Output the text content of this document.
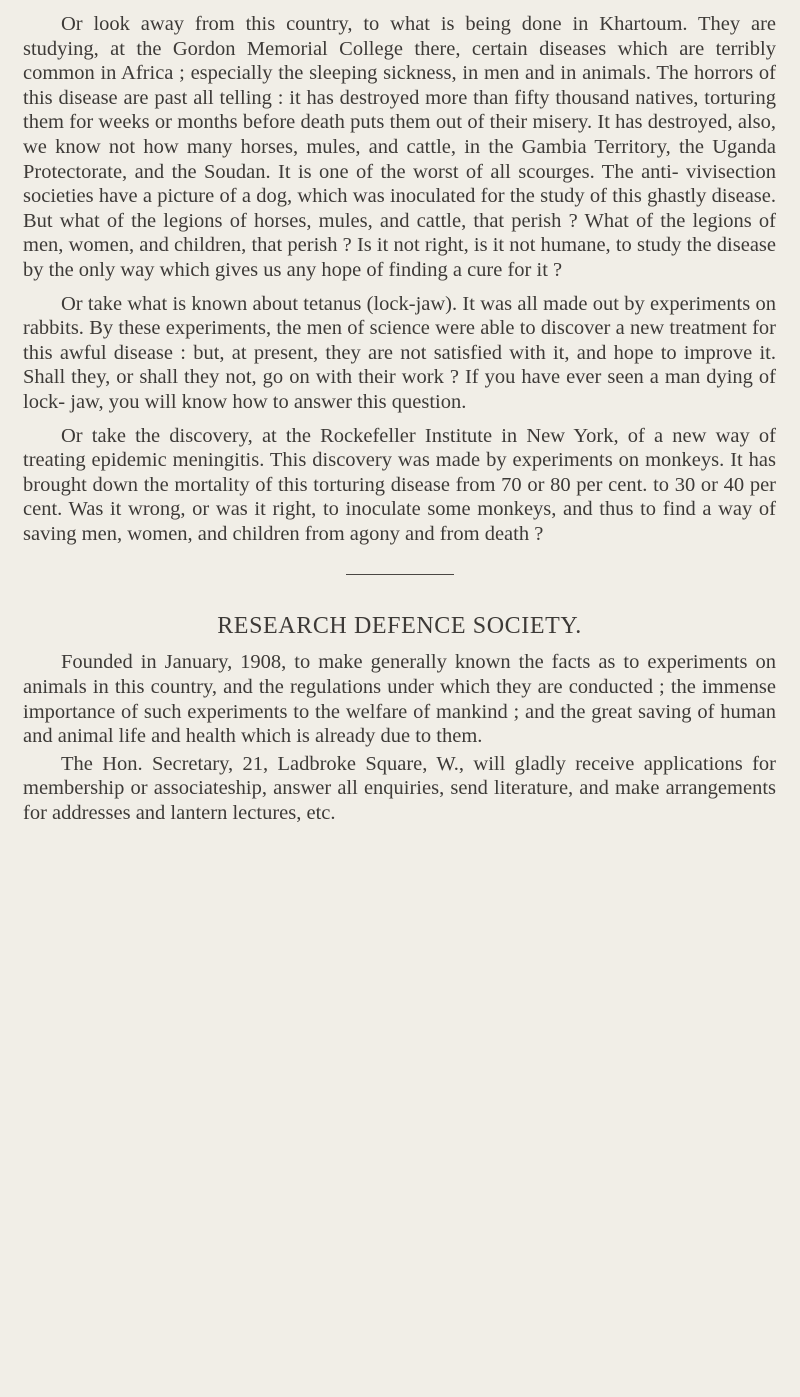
Or look away from this country, to what is being done in Khartoum. They are studying, at the Gordon Memorial College there, certain diseases which are terribly common in Africa ; especially the sleeping sickness, in men and in animals. The horrors of this disease are past all telling : it has destroyed more than fifty thousand natives, torturing them for weeks or months before death puts them out of their misery. It has destroyed, also, we know not how many horses, mules, and cattle, in the Gambia Territory, the Uganda Protectorate, and the Soudan. It is one of the worst of all scourges. The anti- vivisection societies have a picture of a dog, which was inoculated for the study of this ghastly disease. But what of the legions of horses, mules, and cattle, that perish ? What of the legions of men, women, and children, that perish ? Is it not right, is it not humane, to study the disease by the only way which gives us any hope of finding a cure for it ?

Or take what is known about tetanus (lock-jaw). It was all made out by experiments on rabbits. By these experiments, the men of science were able to discover a new treatment for this awful disease : but, at present, they are not satisfied with it, and hope to improve it. Shall they, or shall they not, go on with their work ? If you have ever seen a man dying of lock- jaw, you will know how to answer this question.

Or take the discovery, at the Rockefeller Institute in New York, of a new way of treating epidemic meningitis. This discovery was made by experiments on monkeys. It has brought down the mortality of this torturing disease from 70 or 80 per cent. to 30 or 40 per cent. Was it wrong, or was it right, to inoculate some monkeys, and thus to find a way of saving men, women, and children from agony and from death ?

RESEARCH DEFENCE SOCIETY.

Founded in January, 1908, to make generally known the facts as to experiments on animals in this country, and the regulations under which they are conducted ; the immense importance of such experiments to the welfare of mankind ; and the great saving of human and animal life and health which is already due to them.

The Hon. Secretary, 21, Ladbroke Square, W., will gladly receive applications for membership or associateship, answer all enquiries, send literature, and make arrangements for addresses and lantern lectures, etc.
